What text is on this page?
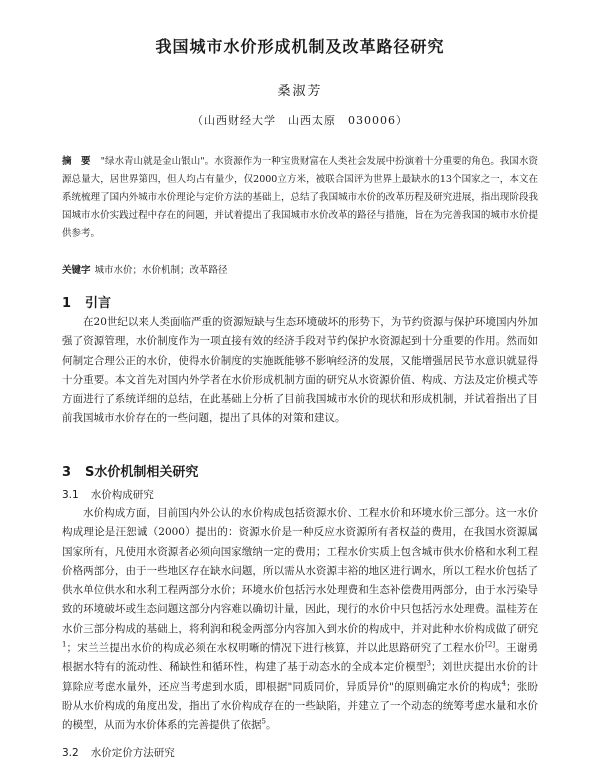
我国城市水价形成机制及改革路径研究
桑淑芳
（山西财经大学　山西太原　030006）
摘　要 "绿水青山就是金山银山"。水资源作为一种宝贵财富在人类社会发展中扮演着十分重要的角色。我国水资源总量大，居世界第四，但人均占有量少，仅2000立方米，被联合国评为世界上最缺水的13个国家之一，本文在系统梳理了国内外城市水价理论与定价方法的基础上，总结了我国城市水价的改革历程及研究进展，指出现阶段我国城市水价实践过程中存在的问题，并试着提出了我国城市水价改革的路径与措施，旨在为完善我国的城市水价提供参考。
关键字 城市水价；水价机制；改革路径
1 引言
在20世纪以来人类面临严重的资源短缺与生态环境破坏的形势下，为节约资源与保护环境国内外加强了资源管理，水价制度作为一项直接有效的经济手段对节约保护水资源起到十分重要的作用。然而如何制定合理公正的水价，使得水价制度的实施既能够不影响经济的发展，又能增强居民节水意识就显得十分重要。本文首先对国内外学者在水价形成机制方面的研究从水资源价值、构成、方法及定价模式等方面进行了系统详细的总结，在此基础上分析了目前我国城市水价的现状和形成机制，并试着指出了目前我国城市水价存在的一些问题，提出了具体的对策和建议。
3 S水价机制相关研究
3.1 水价构成研究
水价构成方面，目前国内外公认的水价构成包括资源水价、工程水价和环境水价三部分。这一水价构成理论是汪恕诚（2000）提出的：资源水价是一种反应水资源所有者权益的费用，在我国水资源属国家所有，凡使用水资源者必须向国家缴纳一定的费用；工程水价实质上包含城市供水价格和水利工程价格两部分，由于一些地区存在缺水问题，所以需从水资源丰裕的地区进行调水，所以工程水价包括了供水单位供水和水利工程两部分水价；环境水价包括污水处理费和生态补偿费用两部分，由于水污染导致的环境破坏或生态问题这部分内容难以确切计量，因此，现行的水价中只包括污水处理费。温桂芳在水价三部分构成的基础上，将利润和税金两部分内容加入到水价的构成中，并对此种水价构成做了研究$^1$；宋兰兰提出水价的构成必须在水权明晰的情况下进行核算，并以此思路研究了工程水价[2]。王谢勇根据水特有的流动性、稀缺性和循环性，构建了基于动态水的全成本定价模型$^3$；刘世庆提出水价的计算除应考虑水量外，还应当考虑到水质，即根据"同质同价，异质异价"的原则确定水价的构成$^4$；张盼盼从水价构成的角度出发，指出了水价构成存在的一些缺陷，并建立了一个动态的统筹考虑水量和水价的模型，从而为水价体系的完善提供了依据$^5$。
3.2 水价定价方法研究
